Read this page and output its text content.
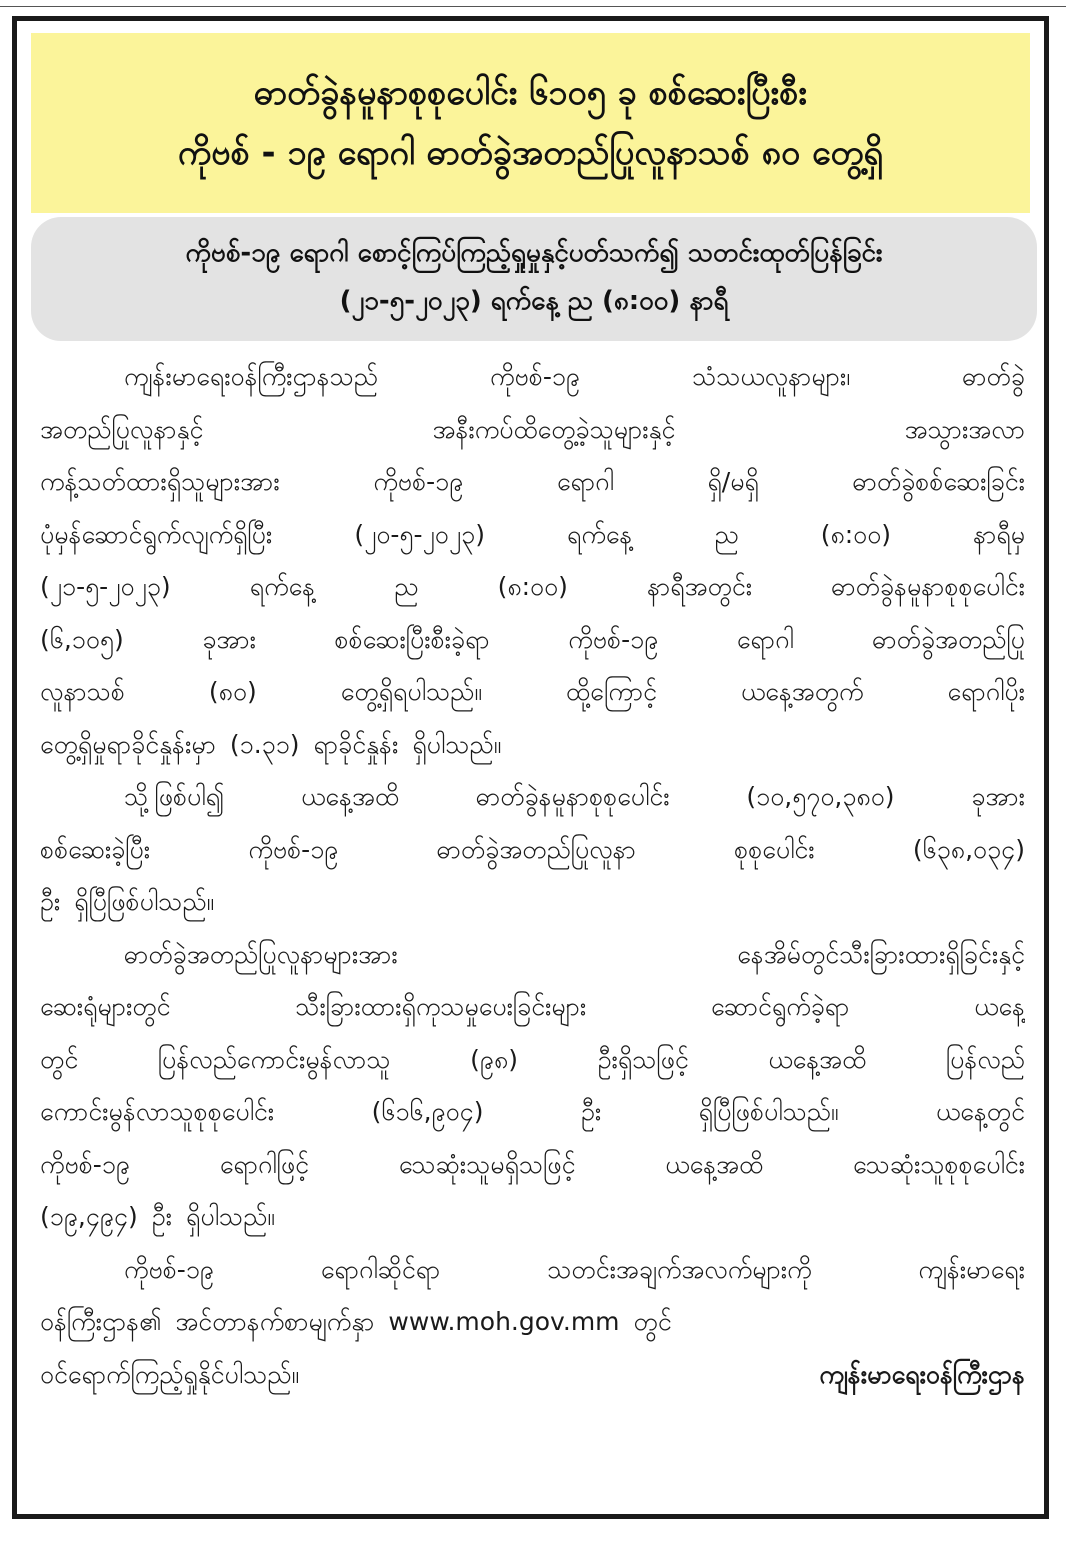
ဓာတ်ခွဲနမူနာစုစုပေါင်း ၆၁၀၅ ခု စစ်ဆေးပြီးစီး
ကိုဗစ် - ၁၉ ရောဂါ ဓာတ်ခွဲအတည်ပြုလူနာသစ် ၈၀ တွေ့ရှိ
ကိုဗစ်-၁၉ ရောဂါ စောင့်ကြပ်ကြည့်ရှုမှုနှင့်ပတ်သက်၍ သတင်းထုတ်ပြန်ခြင်း
(၂၁-၅-၂၀၂၃) ရက်နေ့ ည (၈:၀၀) နာရီ
ကျန်းမာရေးဝန်ကြီးဌာနသည်	ကိုဗစ်-၁၉	သံသယလူနာများ၊	ဓာတ်ခွဲ
အတည်ပြုလူနာနှင့်	အနီးကပ်ထိတွေ့ခဲ့သူများနှင့်	အသွားအလာ
ကန့်သတ်ထားရှိသူများအား	ကိုဗစ်-၁၉	ရောဂါ	ရှိ/မရှိ	ဓာတ်ခွဲစစ်ဆေးခြင်း
ပုံမှန်ဆောင်ရွက်လျက်ရှိပြီး	(၂၀-၅-၂၀၂၃)	ရက်နေ့	ည	(၈:၀၀)	နာရီမှ
(၂၁-၅-၂၀၂၃)	ရက်နေ့	ည	(၈:၀၀)	နာရီအတွင်း	ဓာတ်ခွဲနမူနာစုစုပေါင်း
(၆,၁၀၅)	ခုအား	စစ်ဆေးပြီးစီးခဲ့ရာ	ကိုဗစ်-၁၉	ရောဂါ	ဓာတ်ခွဲအတည်ပြု
လူနာသစ်	(၈၀)	တွေ့ရှိရပါသည်။	ထို့ကြောင့်	ယနေ့အတွက်	ရောဂါပိုး
တွေ့ရှိမှုရာခိုင်နှုန်းမှာ (၁.၃၁) ရာခိုင်နှုန်း ရှိပါသည်။
သို့ဖြစ်ပါ၍	ယနေ့အထိ	ဓာတ်ခွဲနမူနာစုစုပေါင်း	(၁၀,၅၇၀,၃၈၀)	ခုအား
စစ်ဆေးခဲ့ပြီး	ကိုဗစ်-၁၉	ဓာတ်ခွဲအတည်ပြုလူနာ	စုစုပေါင်း	(၆၃၈,၀၃၄)
ဦး ရှိပြီဖြစ်ပါသည်။
ဓာတ်ခွဲအတည်ပြုလူနာများအား	နေအိမ်တွင်သီးခြားထားရှိခြင်းနှင့်
ဆေးရုံများတွင်	သီးခြားထားရှိကုသမှုပေးခြင်းများ	ဆောင်ရွက်ခဲ့ရာ	ယနေ့
တွင်	ပြန်လည်ကောင်းမွန်လာသူ	(၉၈)	ဦးရှိသဖြင့်	ယနေ့အထိ	ပြန်လည်
ကောင်းမွန်လာသူစုစုပေါင်း	(၆၁၆,၉၀၄)	ဦး	ရှိပြီဖြစ်ပါသည်။	ယနေ့တွင်
ကိုဗစ်-၁၉	ရောဂါဖြင့်	သေဆုံးသူမရှိသဖြင့်	ယနေ့အထိ	သေဆုံးသူစုစုပေါင်း
(၁၉,၄၉၄) ဦး ရှိပါသည်။
ကိုဗစ်-၁၉	ရောဂါဆိုင်ရာ	သတင်းအချက်အလက်များကို	ကျန်းမာရေး
ဝန်ကြီးဌာန၏ အင်တာနက်စာမျက်နှာ www.moh.gov.mm တွင်
ဝင်ရောက်ကြည့်ရှုနိုင်ပါသည်။	ကျန်းမာရေးဝန်ကြီးဌာန
